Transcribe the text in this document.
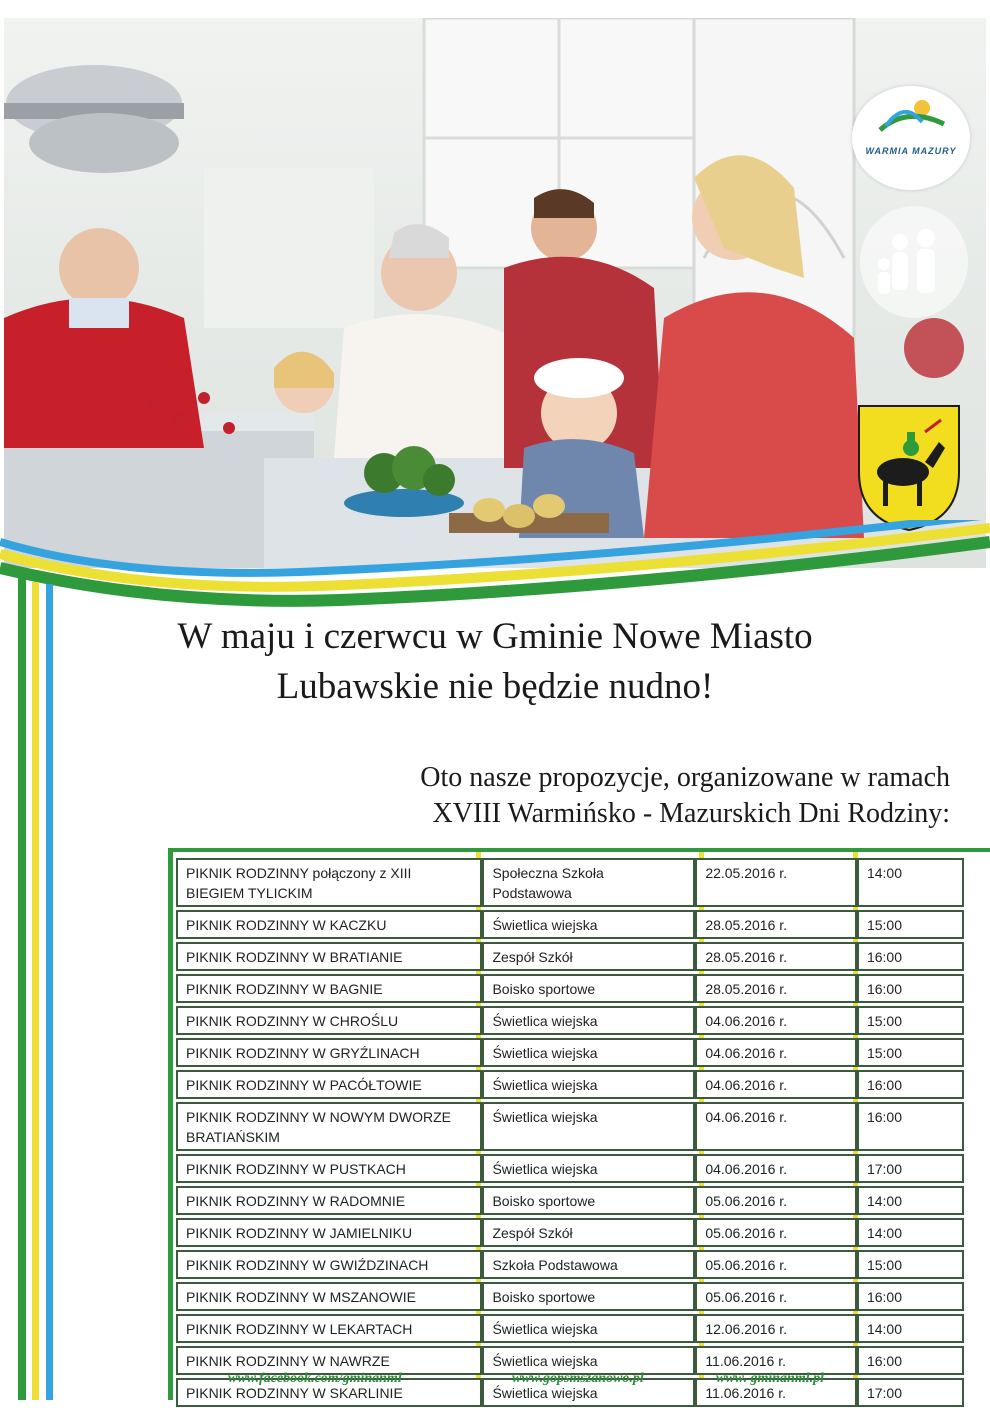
WARMIA MAZURY
W maju i czerwcu w Gminie Nowe Miasto
Lubawskie nie będzie nudno!
Oto nasze propozycje, organizowane w ramach
XVIII Warmińsko - Mazurskich Dni Rodziny:
PIKNIK RODZINNY połączony z XIII BIEGIEM TYLICKIM	Społeczna Szkoła Podstawowa	22.05.2016 r.	14:00
PIKNIK RODZINNY W KACZKU	Świetlica wiejska	28.05.2016 r.	15:00
PIKNIK RODZINNY W BRATIANIE	Zespół Szkół	28.05.2016 r.	16:00
PIKNIK RODZINNY W BAGNIE	Boisko sportowe	28.05.2016 r.	16:00
PIKNIK RODZINNY W CHROŚLU	Świetlica wiejska	04.06.2016 r.	15:00
PIKNIK RODZINNY W GRYŹLINACH	Świetlica wiejska	04.06.2016 r.	15:00
PIKNIK RODZINNY W PACÓŁTOWIE	Świetlica wiejska	04.06.2016 r.	16:00
PIKNIK RODZINNY W NOWYM DWORZE BRATIAŃSKIM	Świetlica wiejska	04.06.2016 r.	16:00
PIKNIK RODZINNY W PUSTKACH	Świetlica wiejska	04.06.2016 r.	17:00
PIKNIK RODZINNY W RADOMNIE	Boisko sportowe	05.06.2016 r.	14:00
PIKNIK RODZINNY W JAMIELNIKU	Zespół Szkół	05.06.2016 r.	14:00
PIKNIK RODZINNY W GWIŹDZINACH	Szkoła Podstawowa	05.06.2016 r.	15:00
PIKNIK RODZINNY W MSZANOWIE	Boisko sportowe	05.06.2016 r.	16:00
PIKNIK RODZINNY W LEKARTACH	Świetlica wiejska	12.06.2016 r.	14:00
PIKNIK RODZINNY W NAWRZE	Świetlica wiejska	11.06.2016 r.	16:00
PIKNIK RODZINNY W SKARLINIE	Świetlica wiejska	11.06.2016 r.	17:00
www.facebook.com/gminanml	www.gopsmszanowo.pl	www. gminanml.pl
